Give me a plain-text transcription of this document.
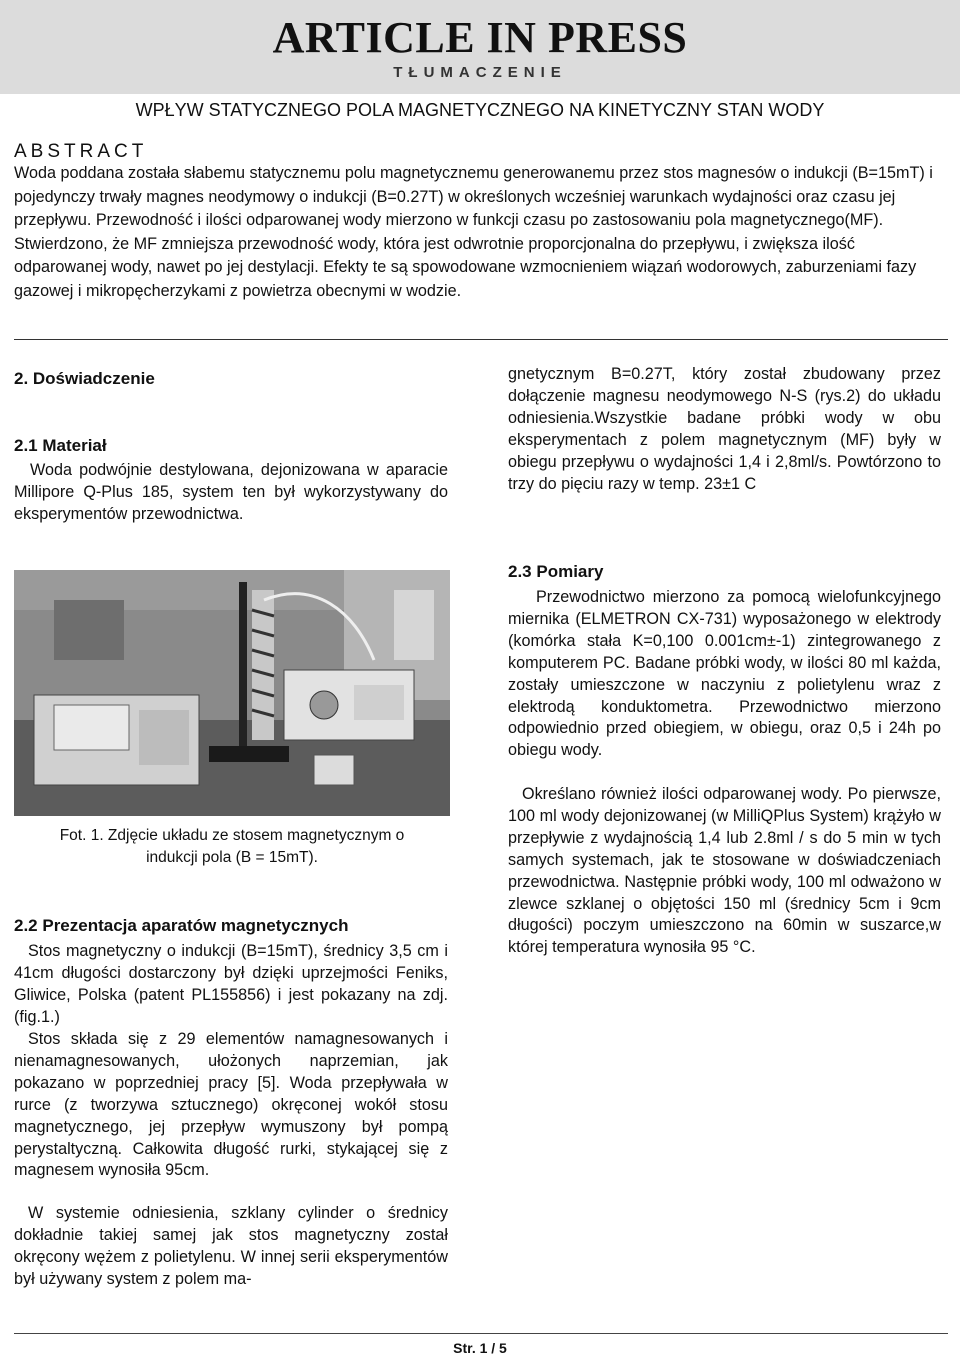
ARTICLE IN PRESS
TŁUMACZENIE
WPŁYW STATYCZNEGO POLA MAGNETYCZNEGO NA KINETYCZNY STAN WODY
ABSTRACT

Woda poddana została słabemu statycznemu polu magnetycznemu generowanemu przez stos magnesów o indukcji (B=15mT) i pojedynczy trwały magnes neodymowy o indukcji (B=0.27T) w określonych wcześniej warunkach wydajności oraz czasu jej przepływu. Przewodność i ilości odparowanej wody mierzono w funkcji czasu po zastosowaniu pola magnetycznego(MF). Stwierdzono, że MF zmniejsza przewodność wody, która jest odwrotnie proporcjonalna do przepływu, i zwiększa ilość odparowanej wody, nawet po jej destylacji. Efekty te są spowodowane wzmocnieniem wiązań wodorowych, zaburzeniami fazy gazowej i mikropęcherzykami z powietrza obecnymi w wodzie.

2. Doświadczenie
2.1 Materiał

Woda podwójnie destylowana, dejonizowana w aparacie Millipore Q-Plus 185, system ten był wykorzystywany do eksperymentów przewodnictwa.

Fot. 1. Zdjęcie układu ze stosem magnetycznym o
indukcji pola (B = 15mT).
2.2 Prezentacja aparatów magnetycznych

Stos magnetyczny o indukcji (B=15mT), średnicy 3,5 cm i 41cm długości dostarczony był dzięki uprzejmości Feniks, Gliwice, Polska (patent PL155856) i jest pokazany na zdj.(fig.1.)

Stos składa się z 29 elementów namagnesowanych i nienamagnesowanych, ułożonych naprzemian, jak pokazano w poprzedniej pracy [5]. Woda przepływała w rurce (z tworzywa sztucznego) okręconej wokół stosu magnetycznego, jej przepływ wymuszony był pompą perystaltyczną. Całkowita długość rurki, stykającej się z magnesem wynosiła 95cm.

W systemie odniesienia, szklany cylinder o średnicy dokładnie takiej samej jak stos magnetyczny został okręcony wężem z polietylenu. W innej serii eksperymentów był używany system z polem ma-

gnetycznym B=0.27T, który został zbudowany przez dołączenie magnesu neodymowego N-S (rys.2) do układu odniesienia.Wszystkie badane próbki wody w obu eksperymentach z polem magnetycznym (MF) były w obiegu przepływu o wydajności 1,4 i 2,8ml/s. Powtórzono to trzy do pięciu razy w temp. 23±1 C

2.3 Pomiary

Przewodnictwo mierzono za pomocą wielofunkcyjnego miernika (ELMETRON CX-731) wyposażonego w elektrody (komórka stała K=0,100 0.001cm±-1) zintegrowanego z komputerem PC. Badane próbki wody, w ilości 80 ml każda, zostały umieszczone w naczyniu z polietylenu wraz z elektrodą konduktometra. Przewodnictwo mierzono odpowiednio przed obiegiem, w obiegu, oraz 0,5 i 24h po obiegu wody.

Określano również ilości odparowanej wody. Po pierwsze, 100 ml wody dejonizowanej (w MilliQPlus System) krążyło w przepływie z wydajnością 1,4 lub 2.8ml / s do 5 min w tych samych systemach, jak te stosowane w doświadczeniach przewodnictwa. Następnie próbki wody, 100 ml odważono w zlewce szklanej o objętości 150 ml (średnicy 5cm i 9cm długości) poczym umieszczono na 60min w suszarce,w której temperatura wynosiła 95 °C.

Str. 1 / 5
